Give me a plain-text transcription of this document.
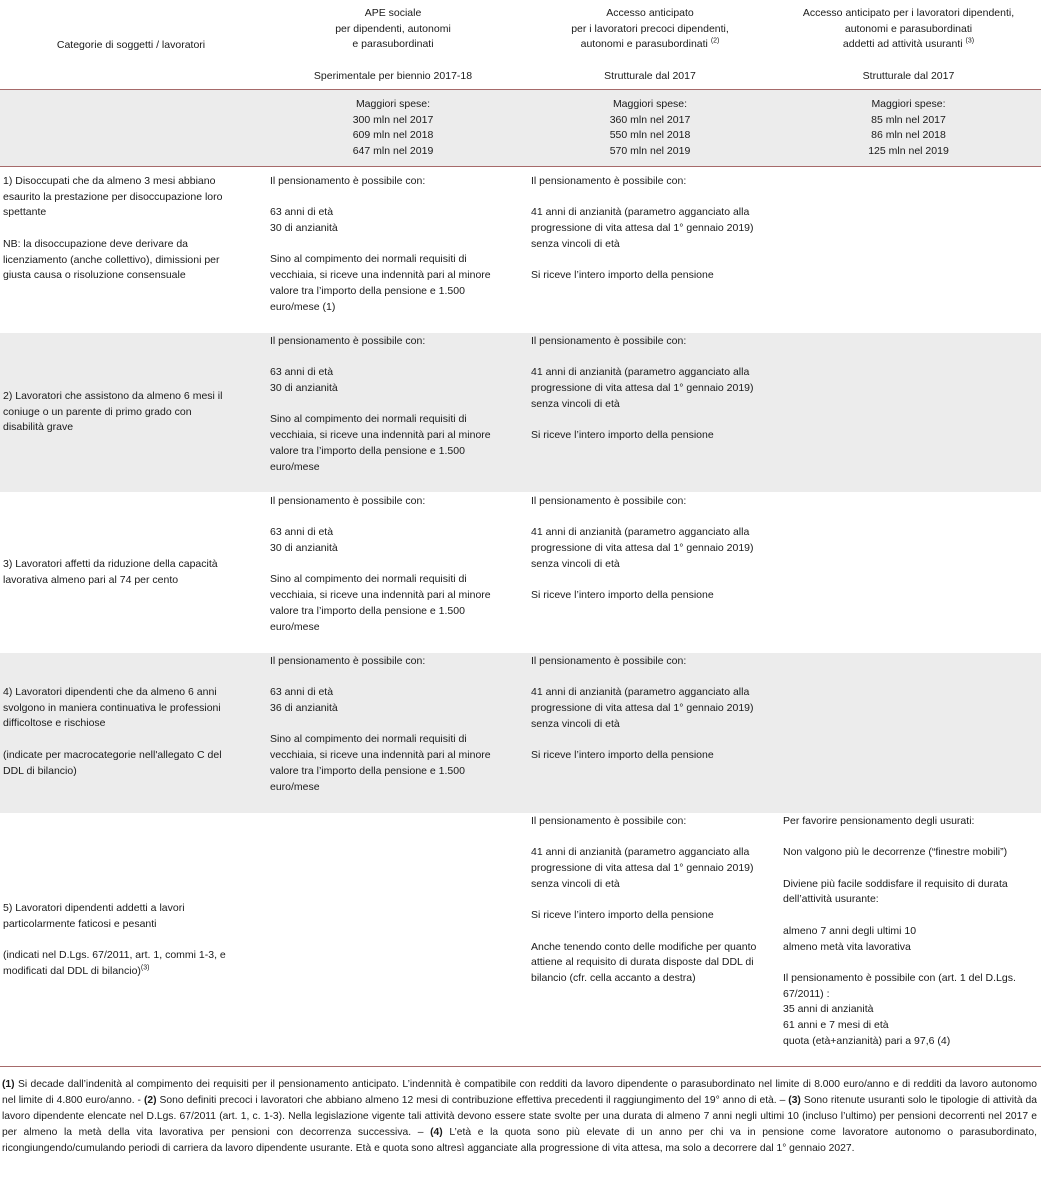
Categorie di soggetti / lavoratori

APE sociale

per dipendenti, autonomi

e parasubordinati

Sperimentale per biennio 2017-18

Accesso anticipato

per i lavoratori precoci dipendenti,

autonomi e parasubordinati $^{(2)}$

Strutturale dal 2017

Accesso anticipato per i lavoratori dipendenti,

autonomi e parasubordinati

addetti ad attività usuranti $^{(3)}$

Strutturale dal 2017

Maggiori spese:

300 mln nel 2017

609 mln nel 2018

647 mln nel 2019

Maggiori spese:

360 mln nel 2017

550 mln nel 2018

570 mln nel 2019

Maggiori spese:

85 mln nel 2017

86 mln nel 2018

125 mln nel 2019

1) Disoccupati che da almeno 3 mesi abbiano

esaurito la prestazione per disoccupazione loro

spettante

NB: la disoccupazione deve derivare da

licenziamento (anche collettivo), dimissioni per

giusta causa o risoluzione consensuale

Il pensionamento è possibile con:

63 anni di età

30 di anzianità

Sino al compimento dei normali requisiti di

vecchiaia, si riceve una indennità pari al minore

valore tra l’importo della pensione e 1.500

euro/mese (1)

Il pensionamento è possibile con:

41 anni di anzianità (parametro agganciato alla

progressione di vita attesa dal 1° gennaio 2019)

senza vincoli di età

Si riceve l’intero importo della pensione

2) Lavoratori che assistono da almeno 6 mesi il

coniuge o un parente di primo grado con

disabilità grave

Il pensionamento è possibile con:

63 anni di età

30 di anzianità

Sino al compimento dei normali requisiti di

vecchiaia, si riceve una indennità pari al minore

valore tra l’importo della pensione e 1.500

euro/mese

Il pensionamento è possibile con:

41 anni di anzianità (parametro agganciato alla

progressione di vita attesa dal 1° gennaio 2019)

senza vincoli di età

Si riceve l’intero importo della pensione

3) Lavoratori affetti da riduzione della capacità

lavorativa almeno pari al 74 per cento

Il pensionamento è possibile con:

63 anni di età

30 di anzianità

Sino al compimento dei normali requisiti di

vecchiaia, si riceve una indennità pari al minore

valore tra l’importo della pensione e 1.500

euro/mese

Il pensionamento è possibile con:

41 anni di anzianità (parametro agganciato alla

progressione di vita attesa dal 1° gennaio 2019)

senza vincoli di età

Si riceve l’intero importo della pensione

4) Lavoratori dipendenti che da almeno 6 anni

svolgono in maniera continuativa le professioni

difficoltose e rischiose

(indicate per macrocategorie nell'allegato C del

DDL di bilancio)

Il pensionamento è possibile con:

63 anni di età

36 di anzianità

Sino al compimento dei normali requisiti di

vecchiaia, si riceve una indennità pari al minore

valore tra l’importo della pensione e 1.500

euro/mese

Il pensionamento è possibile con:

41 anni di anzianità (parametro agganciato alla

progressione di vita attesa dal 1° gennaio 2019)

senza vincoli di età

Si riceve l’intero importo della pensione

5) Lavoratori dipendenti addetti a lavori

particolarmente faticosi e pesanti

(indicati nel D.Lgs. 67/2011, art. 1, commi 1-3, e

modificati dal DDL di bilancio)$^{(3)}$

Il pensionamento è possibile con:

41 anni di anzianità (parametro agganciato alla

progressione di vita attesa dal 1° gennaio 2019)

senza vincoli di età

Si riceve l’intero importo della pensione

Anche tenendo conto delle modifiche per quanto

attiene al requisito di durata disposte dal DDL di

bilancio (cfr. cella accanto a destra)

Per favorire pensionamento degli usurati:

Non valgono più le decorrenze (“finestre mobili”)

Diviene più facile soddisfare il requisito di durata

dell’attività usurante:

almeno 7 anni degli ultimi 10

almeno metà vita lavorativa

Il pensionamento è possibile con (art. 1 del D.Lgs.

67/2011) :

35 anni di anzianità

61 anni e 7 mesi di età

quota (età+anzianità) pari a 97,6 (4)

(1) Si decade dall’indenità al compimento dei requisiti per il pensionamento anticipato. L’indennità è compatibile con redditi da lavoro dipendente o parasubordinato nel limite di 8.000 euro/anno e di redditi da lavoro autonomo nel limite di 4.800 euro/anno. - (2) Sono definiti precoci i lavoratori che abbiano almeno 12 mesi di contribuzione effettiva precedenti il raggiungimento del 19° anno di età. – (3) Sono ritenute usuranti solo le tipologie di attività da lavoro dipendente elencate nel D.Lgs. 67/2011 (art. 1, c. 1-3). Nella legislazione vigente tali attività devono essere state svolte per una durata di almeno 7 anni negli ultimi 10 (incluso l’ultimo) per pensioni decorrenti nel 2017 e per almeno la metà della vita lavorativa per pensioni con decorrenza successiva. – (4) L’età e la quota sono più elevate di un anno per chi va in pensione come lavoratore autonomo o parasubordinato, ricongiungendo/cumulando periodi di carriera da lavoro dipendente usurante. Età e quota sono altresì agganciate alla progressione di vita attesa, ma solo a decorrere dal 1° gennaio 2027.
